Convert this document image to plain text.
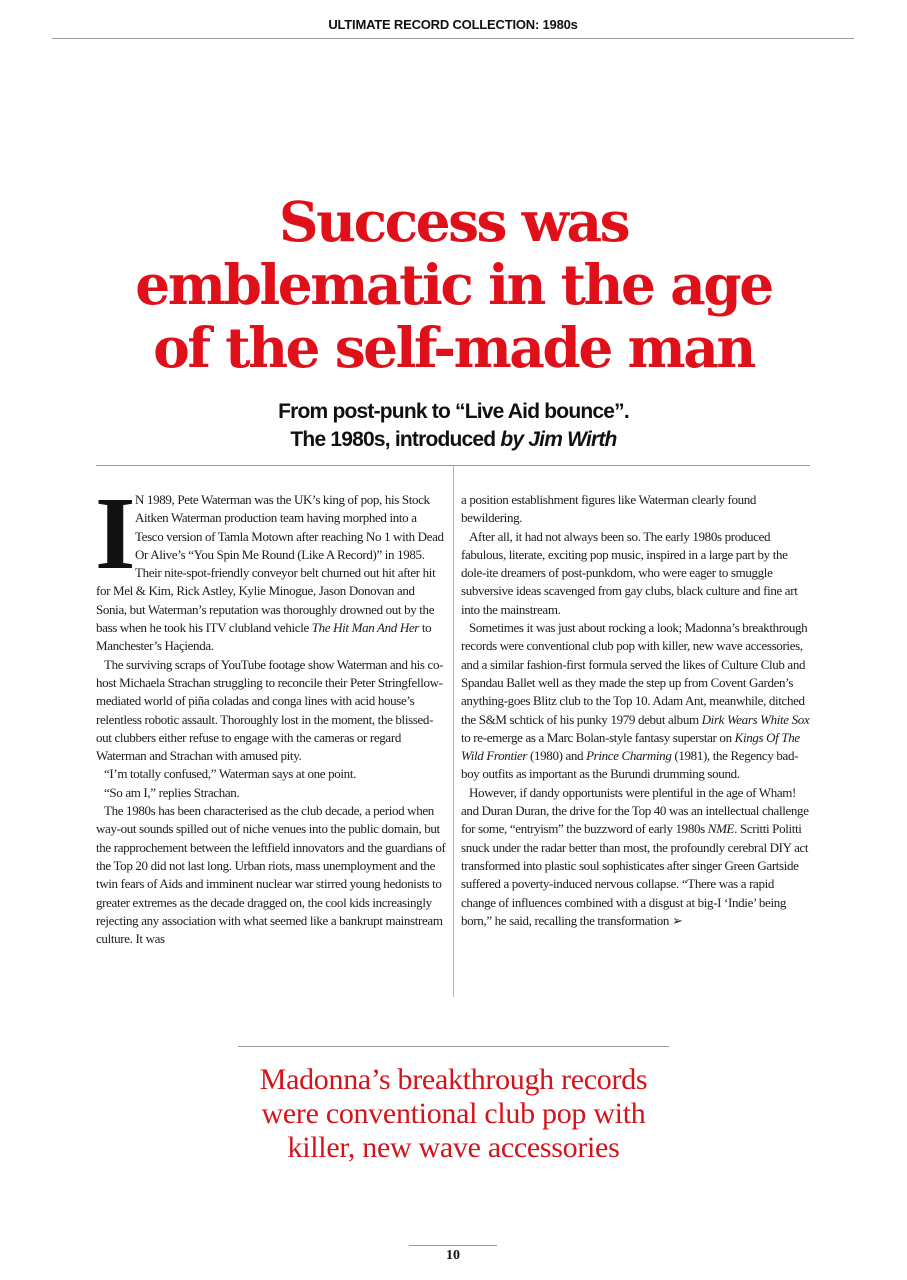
ULTIMATE RECORD COLLECTION: 1980s
Success was
emblematic in the age
of the self-made man
From post-punk to “Live Aid bounce”.
The 1980s, introduced by Jim Wirth

I N 1989, Pete Waterman was the UK’s king of pop, his Stock Aitken Waterman production team having morphed into a Tesco version of Tamla Motown after reaching No 1 with Dead Or Alive’s “You Spin Me Round (Like A Record)” in 1985. Their nite-spot-friendly conveyor belt churned out hit after hit for Mel & Kim, Rick Astley, Kylie Minogue, Jason Donovan and Sonia, but Waterman’s reputation was thoroughly drowned out by the bass when he took his ITV clubland vehicle The Hit Man And Her to Manchester’s Haçienda.

The surviving scraps of YouTube footage show Waterman and his co-host Michaela Strachan struggling to reconcile their Peter Stringfellow-mediated world of piña coladas and conga lines with acid house’s relentless robotic assault. Thoroughly lost in the moment, the blissed-out clubbers either refuse to engage with the cameras or regard Waterman and Strachan with amused pity.

“I’m totally confused,” Waterman says at one point.

“So am I,” replies Strachan.

The 1980s has been characterised as the club decade, a period when way-out sounds spilled out of niche venues into the public domain, but the rapprochement between the leftfield innovators and the guardians of the Top 20 did not last long. Urban riots, mass unemployment and the twin fears of Aids and imminent nuclear war stirred young hedonists to greater extremes as the decade dragged on, the cool kids increasingly rejecting any association with what seemed like a bankrupt mainstream culture. It was

a position establishment figures like Waterman clearly found bewildering.

After all, it had not always been so. The early 1980s produced fabulous, literate, exciting pop music, inspired in a large part by the dole-ite dreamers of post-punkdom, who were eager to smuggle subversive ideas scavenged from gay clubs, black culture and fine art into the mainstream.

Sometimes it was just about rocking a look; Madonna’s breakthrough records were conventional club pop with killer, new wave accessories, and a similar fashion-first formula served the likes of Culture Club and Spandau Ballet well as they made the step up from Covent Garden’s anything-goes Blitz club to the Top 10. Adam Ant, meanwhile, ditched the S&M schtick of his punky 1979 debut album Dirk Wears White Sox to re-emerge as a Marc Bolan-style fantasy superstar on Kings Of The Wild Frontier (1980) and Prince Charming (1981), the Regency bad-boy outfits as important as the Burundi drumming sound.

However, if dandy opportunists were plentiful in the age of Wham! and Duran Duran, the drive for the Top 40 was an intellectual challenge for some, “entryism” the buzzword of early 1980s NME. Scritti Politti snuck under the radar better than most, the profoundly cerebral DIY act transformed into plastic soul sophisticates after singer Green Gartside suffered a poverty-induced nervous collapse. “There was a rapid change of influences combined with a disgust at big-I ‘Indie’ being born,” he said, recalling the transformation ➢

Madonna’s breakthrough records
were conventional club pop with
killer, new wave accessories
10
